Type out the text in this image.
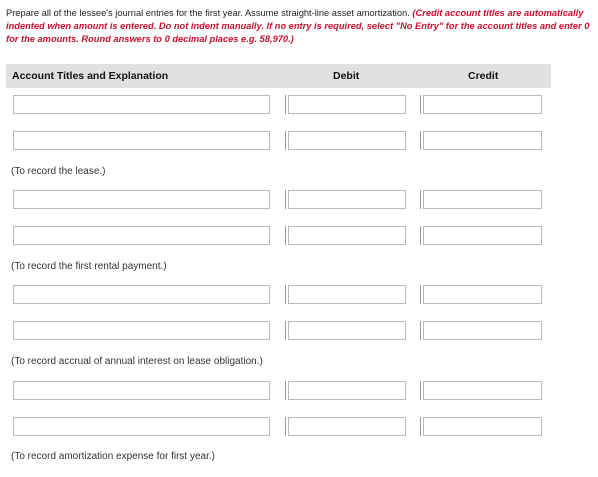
Prepare all of the lessee's journal entries for the first year. Assume straight-line asset amortization. (Credit account titles are automatically indented when amount is entered. Do not indent manually. If no entry is required, select "No Entry" for the account titles and enter 0 for the amounts. Round answers to 0 decimal places e.g. 58,970.)
Account Titles and Explanation	Debit	Credit
(To record the lease.)
(To record the first rental payment.)
(To record accrual of annual interest on lease obligation.)
(To record amortization expense for first year.)
